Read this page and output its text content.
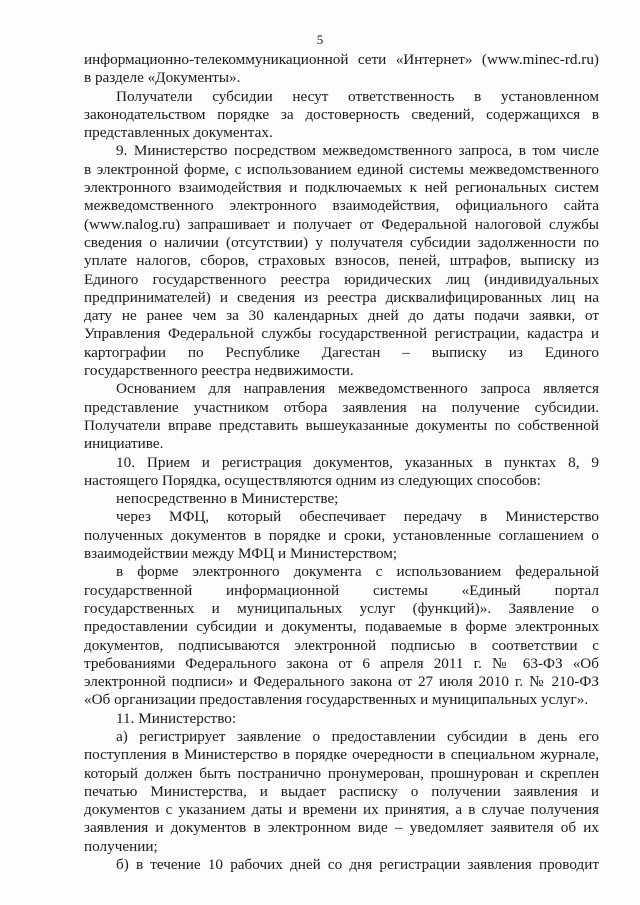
5
информационно-телекоммуникационной сети «Интернет» (www.minec-rd.ru)
в разделе «Документы».
Получатели субсидии несут ответственность в установленном
законодательством порядке за достоверность сведений, содержащихся в
представленных документах.
9. Министерство посредством межведомственного запроса, в том числе
в электронной форме, с использованием единой системы межведомственного
электронного взаимодействия и подключаемых к ней региональных систем
межведомственного электронного взаимодействия, официального сайта
(www.nalog.ru) запрашивает и получает от Федеральной налоговой службы
сведения о наличии (отсутствии) у получателя субсидии задолженности по
уплате налогов, сборов, страховых взносов, пеней, штрафов, выписку из
Единого государственного реестра юридических лиц (индивидуальных
предпринимателей) и сведения из реестра дисквалифицированных лиц на
дату не ранее чем за 30 календарных дней до даты подачи заявки, от
Управления Федеральной службы государственной регистрации, кадастра и
картографии по Республике Дагестан – выписку из Единого
государственного реестра недвижимости.
Основанием для направления межведомственного запроса является
представление участником отбора заявления на получение субсидии.
Получатели вправе представить вышеуказанные документы по собственной
инициативе.
10. Прием и регистрация документов, указанных в пунктах 8, 9
настоящего Порядка, осуществляются одним из следующих способов:
непосредственно в Министерстве;
через МФЦ, который обеспечивает передачу в Министерство
полученных документов в порядке и сроки, установленные соглашением о
взаимодействии между МФЦ и Министерством;
в форме электронного документа с использованием федеральной
государственной информационной системы «Единый портал
государственных и муниципальных услуг (функций)». Заявление о
предоставлении субсидии и документы, подаваемые в форме электронных
документов, подписываются электронной подписью в соответствии с
требованиями Федерального закона от 6 апреля 2011 г. № 63-ФЗ «Об
электронной подписи» и Федерального закона от 27 июля 2010 г. № 210-ФЗ
«Об организации предоставления государственных и муниципальных услуг».
11. Министерство:
а) регистрирует заявление о предоставлении субсидии в день его
поступления в Министерство в порядке очередности в специальном журнале,
который должен быть постранично пронумерован, прошнурован и скреплен
печатью Министерства, и выдает расписку о получении заявления и
документов с указанием даты и времени их принятия, а в случае получения
заявления и документов в электронном виде – уведомляет заявителя об их
получении;
б) в течение 10 рабочих дней со дня регистрации заявления проводит
